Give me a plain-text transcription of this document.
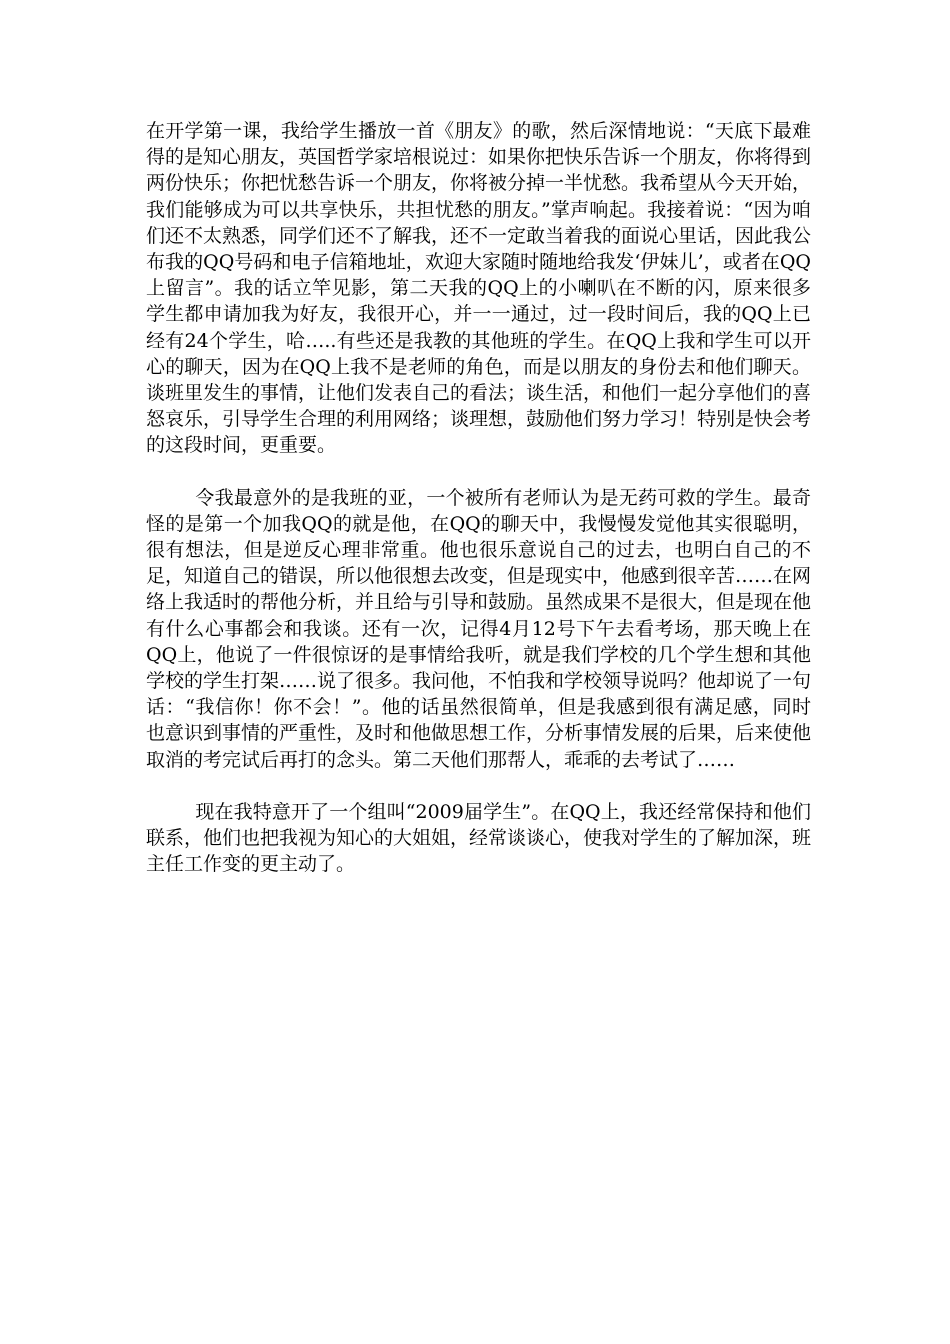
在开学第一课，我给学生播放一首《朋友》的歌，然后深情地说：“天底下最难得的是知心朋友，英国哲学家培根说过：如果你把快乐告诉一个朋友，你将得到两份快乐；你把忧愁告诉一个朋友，你将被分掉一半忧愁。我希望从今天开始，我们能够成为可以共享快乐，共担忧愁的朋友。”掌声响起。我接着说：“因为咱们还不太熟悉，同学们还不了解我，还不一定敢当着我的面说心里话，因此我公布我的QQ号码和电子信箱地址，欢迎大家随时随地给我发‘伊妹儿’，或者在QQ上留言”。我的话立竿见影，第二天我的QQ上的小喇叭在不断的闪，原来很多学生都申请加我为好友，我很开心，并一一通过，过一段时间后，我的QQ上已经有24个学生，哈…..有些还是我教的其他班的学生。在QQ上我和学生可以开心的聊天，因为在QQ上我不是老师的角色，而是以朋友的身份去和他们聊天。谈班里发生的事情，让他们发表自己的看法；谈生活，和他们一起分享他们的喜怒哀乐，引导学生合理的利用网络；谈理想，鼓励他们努力学习！特别是快会考的这段时间，更重要。

令我最意外的是我班的亚，一个被所有老师认为是无药可救的学生。最奇怪的是第一个加我QQ的就是他，在QQ的聊天中，我慢慢发觉他其实很聪明，很有想法，但是逆反心理非常重。他也很乐意说自己的过去，也明白自己的不足，知道自己的错误，所以他很想去改变，但是现实中，他感到很辛苦……在网络上我适时的帮他分析，并且给与引导和鼓励。虽然成果不是很大，但是现在他有什么心事都会和我谈。还有一次，记得4月12号下午去看考场，那天晚上在QQ上，他说了一件很惊讶的是事情给我听，就是我们学校的几个学生想和其他学校的学生打架……说了很多。我问他，不怕我和学校领导说吗？他却说了一句话：“我信你！你不会！”。他的话虽然很简单，但是我感到很有满足感，同时也意识到事情的严重性，及时和他做思想工作，分析事情发展的后果，后来使他取消的考完试后再打的念头。第二天他们那帮人，乖乖的去考试了……

现在我特意开了一个组叫“2009届学生”。在QQ上，我还经常保持和他们联系，他们也把我视为知心的大姐姐，经常谈谈心，使我对学生的了解加深，班主任工作变的更主动了。
